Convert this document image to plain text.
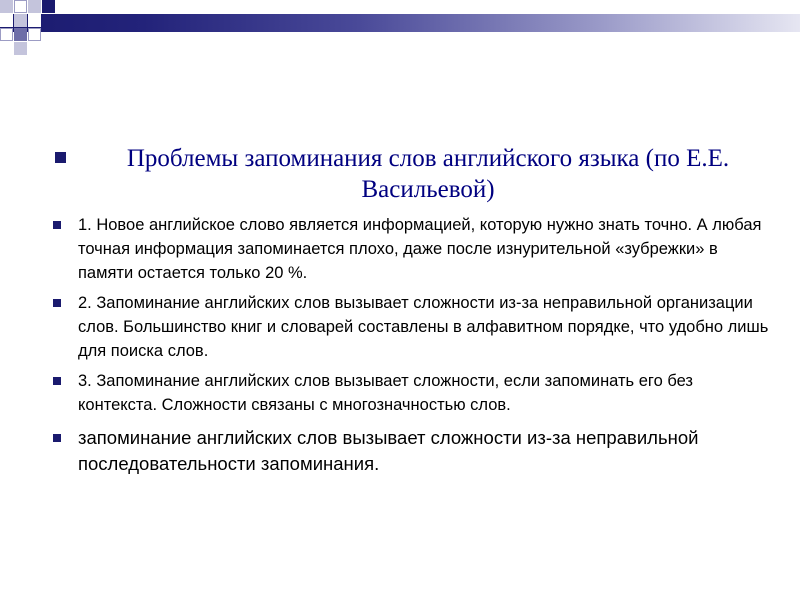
Проблемы запоминания слов английского языка (по Е.Е. Васильевой)

1. Новое английское слово является информацией, которую нужно знать точно. А любая точная информация запоминается плохо, даже после изнурительной «зубрежки» в памяти остается только 20 %.
2. Запоминание английских слов вызывает сложности из-за неправильной организации слов. Большинство книг и словарей составлены в алфавитном порядке, что удобно лишь для поиска слов.
3. Запоминание английских слов вызывает сложности, если запоминать его без контекста. Сложности связаны с многозначностью слов.
запоминание английских слов вызывает сложности из-за неправильной последовательности запоминания.
